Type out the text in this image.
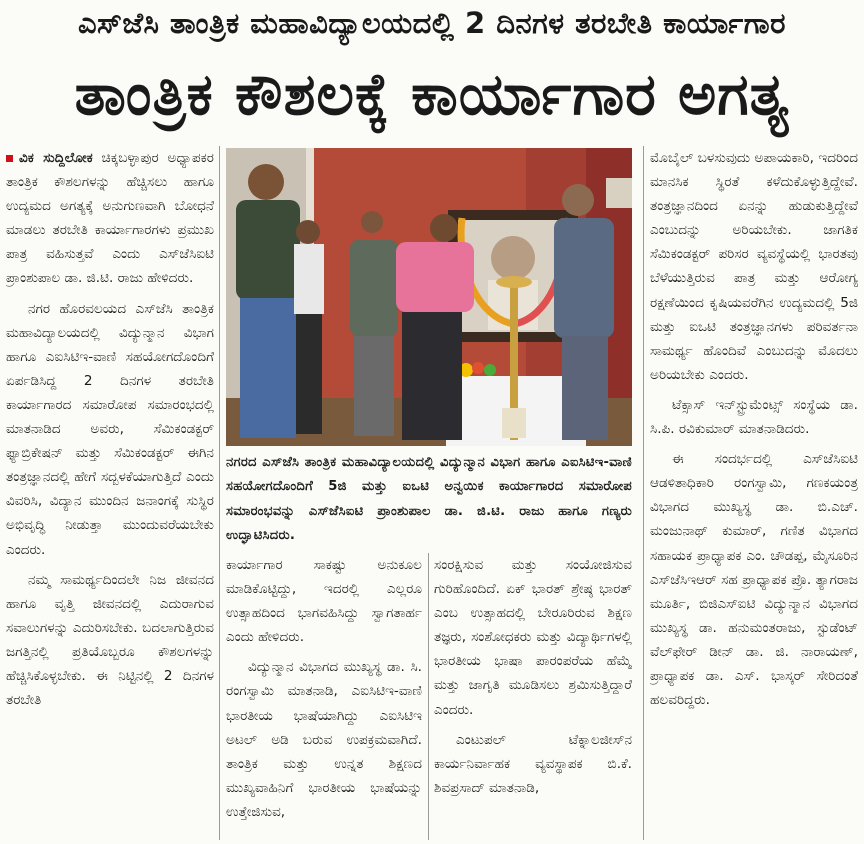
ಎಸ್‌ಜೆಸಿ ತಾಂತ್ರಿಕ ಮಹಾವಿದ್ಯಾಲಯದಲ್ಲಿ 2 ದಿನಗಳ ತರಬೇತಿ ಕಾರ್ಯಾಗಾರ
ತಾಂತ್ರಿಕ ಕೌಶಲಕ್ಕೆ ಕಾರ್ಯಾಗಾರ ಅಗತ್ಯ

ವಿಕ ಸುದ್ದಿಲೋಕ ಚಿಕ್ಕಬಳ್ಳಾಪುರ ಅಧ್ಯಾಪಕರ ತಾಂತ್ರಿಕ ಕೌಶಲಗಳನ್ನು ಹೆಚ್ಚಿಸಲು ಹಾಗೂ ಉದ್ಯಮದ ಅಗತ್ಯಕ್ಕೆ ಅನುಗುಣವಾಗಿ ಬೋಧನೆ ಮಾಡಲು ತರಬೇತಿ ಕಾರ್ಯಾಗಾರಗಳು ಪ್ರಮುಖ ಪಾತ್ರ ವಹಿಸುತ್ತವೆ ಎಂದು ಎಸ್‌ಜೆಸಿಐಟಿ ಪ್ರಾಂಶುಪಾಲ ಡಾ. ಜಿ.ಟಿ. ರಾಜು ಹೇಳಿದರು.

ನಗರ ಹೊರವಲಯದ ಎಸ್‌ಜೆಸಿ ತಾಂತ್ರಿಕ ಮಹಾವಿದ್ಯಾಲಯದಲ್ಲಿ ವಿದ್ಯುನ್ಮಾನ ವಿಭಾಗ ಹಾಗೂ ಎಐಸಿಟಿಇ-ವಾಣಿ ಸಹಯೋಗದೊಂದಿಗೆ ಏರ್ಪಡಿಸಿದ್ದ 2 ದಿನಗಳ ತರಬೇತಿ ಕಾರ್ಯಾಗಾರದ ಸಮಾರೋಪ ಸಮಾರಂಭದಲ್ಲಿ ಮಾತನಾಡಿದ ಅವರು, ಸೆಮಿಕಂಡಕ್ಟರ್ ಫ್ಯಾಬ್ರಿಕೇಷನ್ ಮತ್ತು ಸೆಮಿಕಂಡಕ್ಟರ್ ಈಗಿನ ತಂತ್ರಜ್ಞಾನದಲ್ಲಿ ಹೇಗೆ ಸದ್ಬಳಕೆಯಾಗುತ್ತಿದೆ ಎಂದು ವಿವರಿಸಿ, ವಿದ್ಯಾನ ಮುಂದಿನ ಜನಾಂಗಕ್ಕೆ ಸುಸ್ಥಿರ ಅಭಿವೃದ್ಧಿ ನೀಡುತ್ತಾ ಮುಂದುವರೆಯಬೇಕು ಎಂದರು.

ನಮ್ಮ ಸಾಮರ್ಥ್ಯದಿಂದಲೇ ನಿಜ ಜೀವನದ ಹಾಗೂ ವೃತ್ತಿ ಜೀವನದಲ್ಲಿ ಎದುರಾಗುವ ಸವಾಲುಗಳನ್ನು ಎದುರಿಸಬೇಕು. ಬದಲಾಗುತ್ತಿರುವ ಜಗತ್ತಿನಲ್ಲಿ ಪ್ರತಿಯೊಬ್ಬರೂ ಕೌಶಲಗಳನ್ನು ಹೆಚ್ಚಿಸಿಕೊಳ್ಳಬೇಕು. ಈ ನಿಟ್ಟಿನಲ್ಲಿ 2 ದಿನಗಳ ತರಬೇತಿ

ನಗರದ ಎಸ್‌ಜೆಸಿ ತಾಂತ್ರಿಕ ಮಹಾವಿದ್ಯಾಲಯದಲ್ಲಿ ವಿದ್ಯುನ್ಮಾನ ವಿಭಾಗ ಹಾಗೂ ಎಐಸಿಟಿಇ-ವಾಣಿ ಸಹಯೋಗದೊಂದಿಗೆ 5ಜಿ ಮತ್ತು ಐಒಟಿ ಅನ್ವಯಿಕ ಕಾರ್ಯಾಗಾರದ ಸಮಾರೋಪ ಸಮಾರಂಭವನ್ನು ಎಸ್‌ಜೆಸಿಐಟಿ ಪ್ರಾಂಶುಪಾಲ ಡಾ. ಜಿ.ಟಿ. ರಾಜು ಹಾಗೂ ಗಣ್ಯರು ಉದ್ಘಾಟಿಸಿದರು.

ಕಾರ್ಯಾಗಾರ ಸಾಕಷ್ಟು ಅನುಕೂಲ ಮಾಡಿಕೊಟ್ಟಿದ್ದು, ಇದರಲ್ಲಿ ಎಲ್ಲರೂ ಉತ್ಸಾಹದಿಂದ ಭಾಗವಹಿಸಿದ್ದು ಸ್ವಾಗತಾರ್ಹ ಎಂದು ಹೇಳಿದರು.

ವಿದ್ಯುನ್ಮಾನ ವಿಭಾಗದ ಮುಖ್ಯಸ್ಥ ಡಾ. ಸಿ. ರಂಗಸ್ವಾಮಿ ಮಾತನಾಡಿ, ಎಐಸಿಟಿಇ-ವಾಣಿ ಭಾರತೀಯ ಭಾಷೆಯಾಗಿದ್ದು ಎಐಸಿಟಿಇ ಅಟಲ್ ಅಡಿ ಬರುವ ಉಪಕ್ರಮವಾಗಿದೆ. ತಾಂತ್ರಿಕ ಮತ್ತು ಉನ್ನತ ಶಿಕ್ಷಣದ ಮುಖ್ಯವಾಹಿನಿಗೆ ಭಾರತೀಯ ಭಾಷೆಯನ್ನು ಉತ್ತೇಜಿಸುವ,

ಸಂರಕ್ಷಿಸುವ ಮತ್ತು ಸಂಯೋಜಿಸುವ ಗುರಿಹೊಂದಿದೆ. ಏಕ್ ಭಾರತ್ ಶ್ರೇಷ್ಠ ಭಾರತ್ ಎಂಬ ಉತ್ಸಾಹದಲ್ಲಿ ಬೇರೂರಿರುವ ಶಿಕ್ಷಣ ತಜ್ಞರು, ಸಂಶೋಧಕರು ಮತ್ತು ವಿದ್ಯಾರ್ಥಿಗಳಲ್ಲಿ ಭಾರತೀಯ ಭಾಷಾ ಪಾರಂಪರೆಯ ಹೆಮ್ಮೆ ಮತ್ತು ಜಾಗೃತಿ ಮೂಡಿಸಲು ಶ್ರಮಿಸುತ್ತಿದ್ದಾರೆ ಎಂದರು.

ಎಂಟುಪಲ್ ಟೆಕ್ನಾಲಜೀಸ್‌ನ ಕಾರ್ಯನಿರ್ವಾಹಕ ವ್ಯವಸ್ಥಾಪಕ ಬಿ.ಕೆ. ಶಿವಪ್ರಸಾದ್ ಮಾತನಾಡಿ,

ಮೊಬೈಲ್ ಬಳಸುವುದು ಅಪಾಯಕಾರಿ, ಇದರಿಂದ ಮಾನಸಿಕ ಸ್ಥಿರತೆ ಕಳೆದುಕೊಳ್ಳುತ್ತಿದ್ದೇವೆ. ತಂತ್ರಜ್ಞಾನದಿಂದ ಏನನ್ನು ಹುಡುಕುತ್ತಿದ್ದೇವೆ ಎಂಬುದನ್ನು ಅರಿಯಬೇಕು. ಜಾಗತಿಕ ಸೆಮಿಕಂಡಕ್ಟರ್ ಪರಿಸರ ವ್ಯವಸ್ಥೆಯಲ್ಲಿ ಭಾರತವು ಬೆಳೆಯುತ್ತಿರುವ ಪಾತ್ರ ಮತ್ತು ಆರೋಗ್ಯ ರಕ್ಷಣೆಯಿಂದ ಕೃಷಿಯವರೆಗಿನ ಉದ್ಯಮದಲ್ಲಿ 5ಜಿ ಮತ್ತು ಐಒಟಿ ತಂತ್ರಜ್ಞಾನಗಳು ಪರಿವರ್ತನಾ ಸಾಮರ್ಥ್ಯ ಹೊಂದಿವೆ ಎಂಬುದನ್ನು ಮೊದಲು ಅರಿಯಬೇಕು ಎಂದರು.

ಟೆಕ್ಸಾಸ್ ಇನ್‌ಸ್ಟ್ರುಮೆಂಟ್ಸ್ ಸಂಸ್ಥೆಯ ಡಾ. ಸಿ.ಪಿ. ರವಿಕುಮಾರ್ ಮಾತನಾಡಿದರು.

ಈ ಸಂದರ್ಭದಲ್ಲಿ ಎಸ್‌ಜೆಸಿಐಟಿ ಆಡಳಿತಾಧಿಕಾರಿ ರಂಗಸ್ವಾಮಿ, ಗಣಕಯಂತ್ರ ವಿಭಾಗದ ಮುಖ್ಯಸ್ಥ ಡಾ. ಬಿ.ಎಚ್. ಮಂಜುನಾಥ್ ಕುಮಾರ್, ಗಣಿತ ವಿಭಾಗದ ಸಹಾಯಕ ಪ್ರಾಧ್ಯಾಪಕ ಎಂ. ಚೌಡಪ್ಪ, ಮೈಸೂರಿನ ಎಸ್‌ಜೆಸಿಇಆರ್ ಸಹ ಪ್ರಾಧ್ಯಾಪಕ ಪ್ರೊ. ತ್ಯಾಗರಾಜ ಮೂರ್ತಿ, ಬಿಜಿಎಸ್‌ಐಟಿ ವಿದ್ಯುನ್ಮಾನ ವಿಭಾಗದ ಮುಖ್ಯಸ್ಥ ಡಾ. ಹನುಮಂತರಾಜು, ಸ್ಟುಡೆಂಟ್ ವೆಲ್‌ಫೇರ್ ಡೀನ್ ಡಾ. ಜಿ. ನಾರಾಯಣ್, ಪ್ರಾಧ್ಯಾಪಕ ಡಾ. ಎಸ್. ಭಾಸ್ಕರ್ ಸೇರಿದಂತೆ ಹಲವರಿದ್ದರು.
